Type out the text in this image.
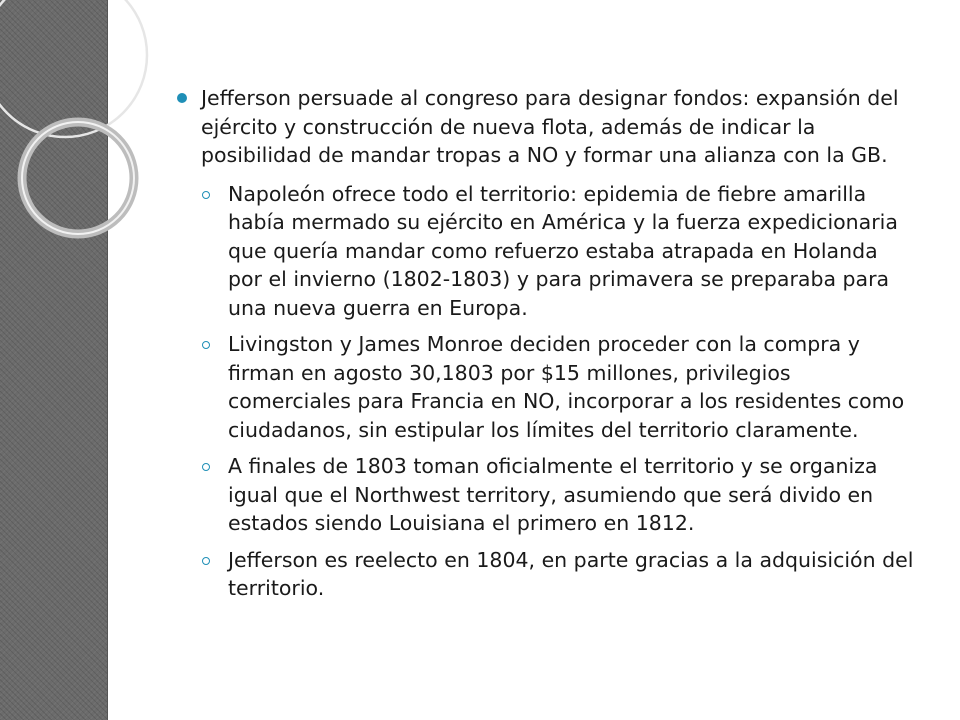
Jefferson persuade al congreso para designar fondos: expansión del ejército y construcción de nueva flota, además de indicar la posibilidad de mandar tropas a NO y formar una alianza con la GB.
Napoleón ofrece todo el territorio: epidemia de fiebre amarilla había mermado su ejército en América y la fuerza expedicionaria que quería mandar como refuerzo estaba atrapada en Holanda por el invierno (1802-1803) y para primavera se preparaba para una nueva guerra en Europa.
Livingston y James Monroe deciden proceder con la compra y firman en agosto 30,1803 por $15 millones, privilegios comerciales para Francia en NO, incorporar a los residentes como ciudadanos, sin estipular los límites del territorio claramente.
A finales de 1803 toman oficialmente el territorio y se organiza igual que el Northwest territory, asumiendo que será divido en estados siendo Louisiana el primero en 1812.
Jefferson es reelecto en 1804, en parte gracias a la adquisición del territorio.
